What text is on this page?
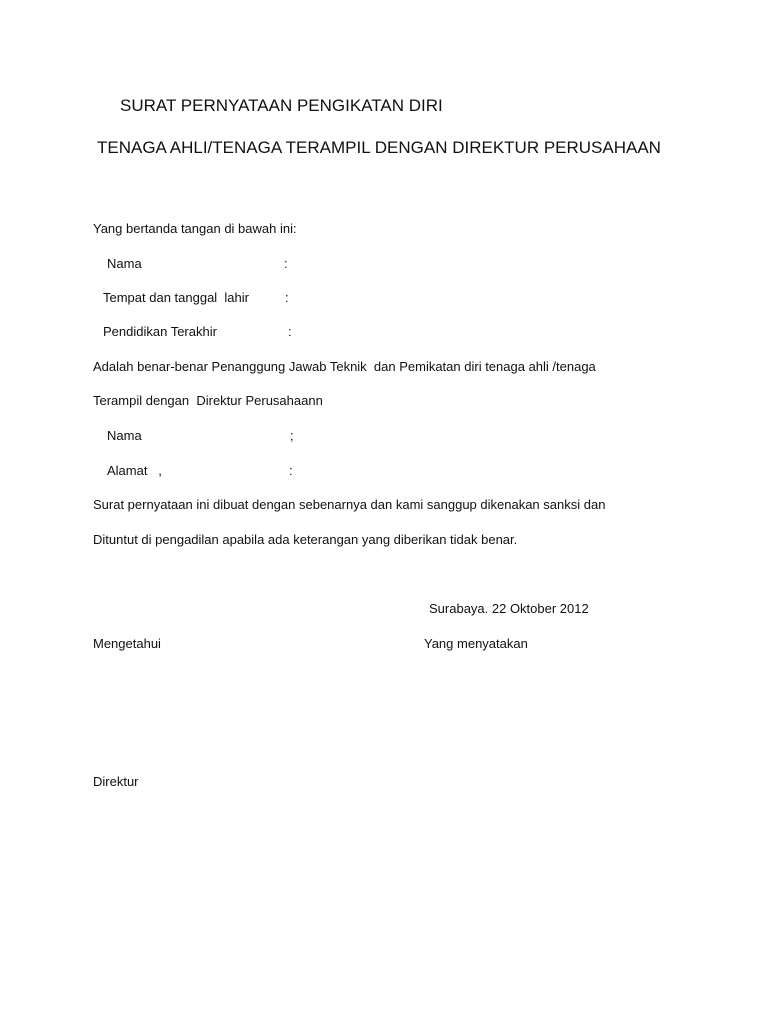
SURAT PERNYATAAN PENGIKATAN DIRI
TENAGA AHLI/TENAGA TERAMPIL DENGAN DIREKTUR PERUSAHAAN
Yang bertanda tangan di bawah ini:
Nama	:
Tempat dan tanggal  lahir	:
Pendidikan Terakhir	:
Adalah benar-benar Penanggung Jawab Teknik  dan Pemikatan diri tenaga ahli /tenaga
Terampil dengan  Direktur Perusahaann
Nama	;
Alamat   ,	:
Surat pernyataan ini dibuat dengan sebenarnya dan kami sanggup dikenakan sanksi dan
Dituntut di pengadilan apabila ada keterangan yang diberikan tidak benar.
Surabaya. 22 Oktober 2012
Mengetahui	Yang menyatakan
Direktur
